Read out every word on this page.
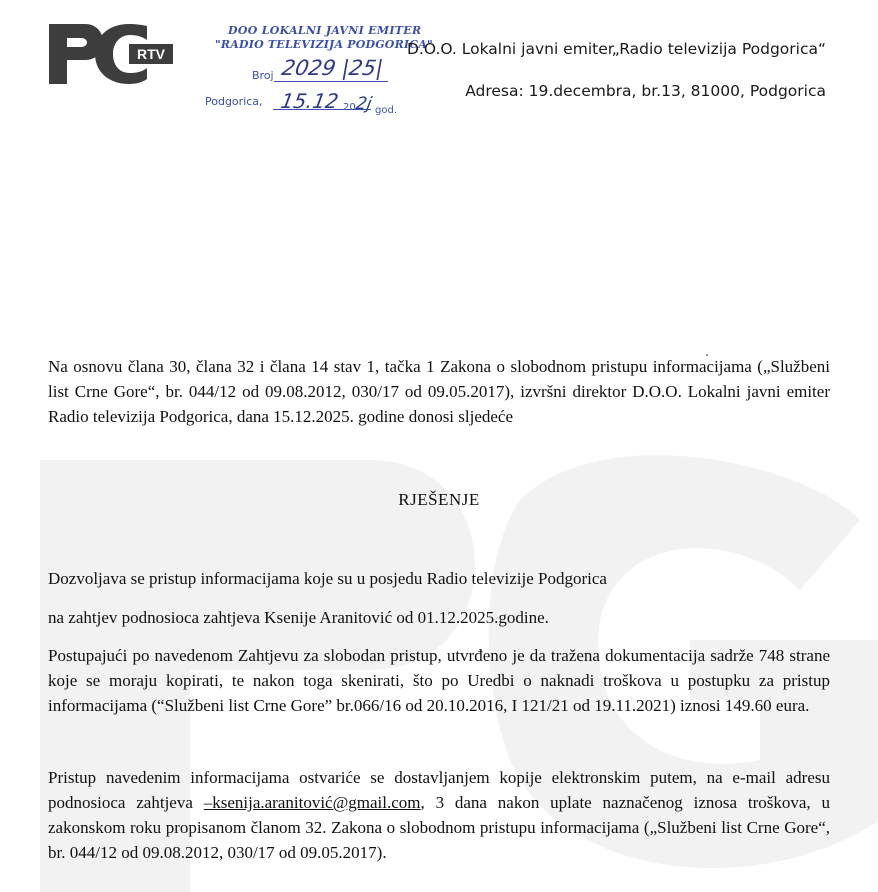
RTV
DOO LOKALNI JAVNI EMITER
"RADIO TELEVIZIJA PODGORICA"
Broj 2029 |25|
Podgorica, 15.12 20
2j god.
D.O.O. Lokalni javni emiter„Radio televizija Podgorica“
Adresa: 19.decembra, br.13, 81000, Podgorica

Na osnovu člana 30, člana 32 i člana 14 stav 1, tačka 1 Zakona o slobodnom pristupu informacijama („Službeni list Crne Gore“, br. 044/12 od 09.08.2012, 030/17 od 09.05.2017), izvršni direktor D.O.O. Lokalni javni emiter Radio televizija Podgorica, dana 15.12.2025. godine donosi sljedeće

RJEŠENJE

Dozvoljava se pristup informacijama koje su u posjedu Radio televizije Podgorica

na zahtjev podnosioca zahtjeva Ksenije Aranitović od 01.12.2025.godine.

Postupajući po navedenom Zahtjevu za slobodan pristup, utvrđeno je da tražena dokumentacija sadrže 748 strane koje se moraju kopirati, te nakon toga skenirati, što po Uredbi o naknadi troškova u postupku za pristup informacijama (“Službeni list Crne Gore” br.066/16 od 20.10.2016, I 121/21 od 19.11.2021) iznosi 149.60 eura.

Pristup navedenim informacijama ostvariće se dostavljanjem kopije elektronskim putem, na e-mail adresu podnosioca zahtjeva –ksenija.aranitović@gmail.com, 3 dana nakon uplate naznačenog iznosa troškova, u zakonskom roku propisanom članom 32. Zakona o slobodnom pristupu informacijama („Službeni list Crne Gore“, br. 044/12 od 09.08.2012, 030/17 od 09.05.2017).
